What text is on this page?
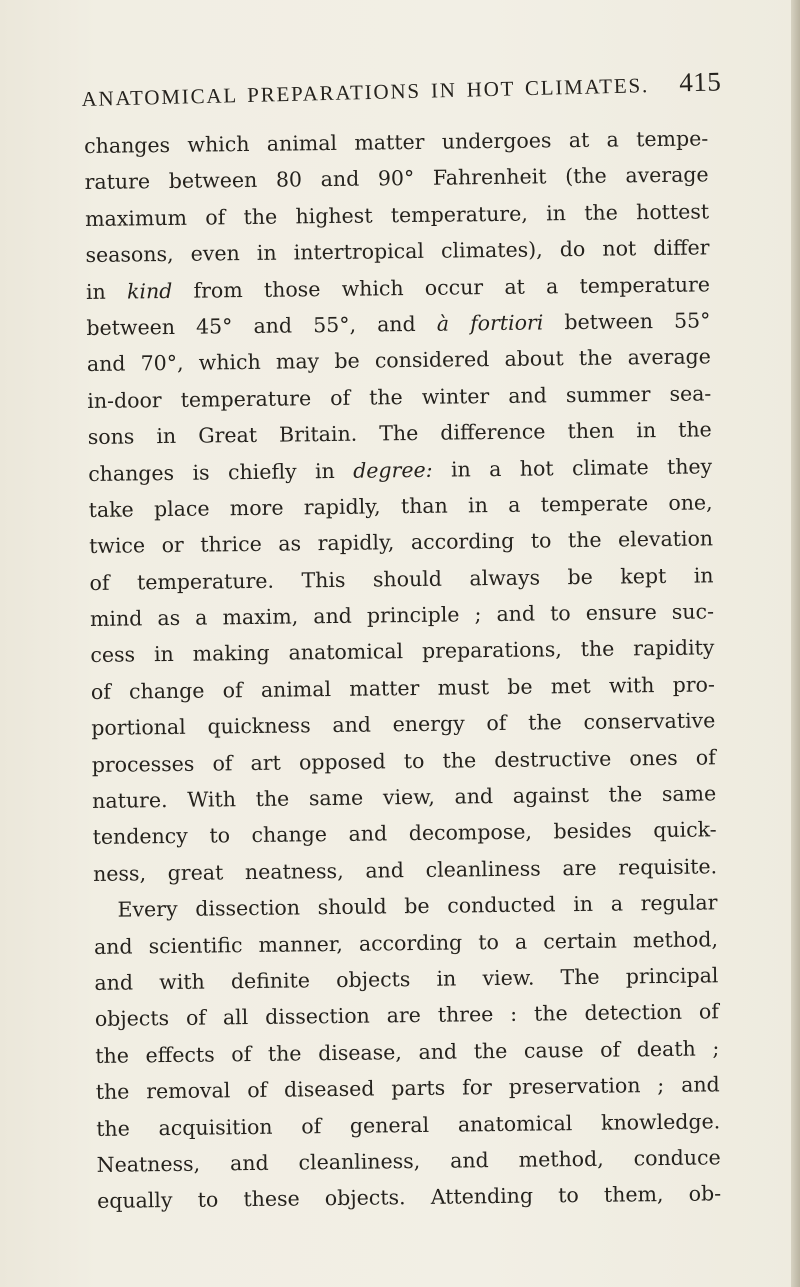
ANATOMICAL PREPARATIONS IN HOT CLIMATES. 415
changes which animal matter undergoes at a tempe-
rature between 80 and 90° Fahrenheit (the average
maximum of the highest temperature, in the hottest
seasons, even in intertropical climates), do not differ
in kind from those which occur at a temperature
between 45° and 55°, and à fortiori between 55°
and 70°, which may be considered about the average
in-door temperature of the winter and summer sea-
sons in Great Britain. The difference then in the
changes is chiefly in degree: in a hot climate they
take place more rapidly, than in a temperate one,
twice or thrice as rapidly, according to the elevation
of temperature. This should always be kept in
mind as a maxim, and principle ; and to ensure suc-
cess in making anatomical preparations, the rapidity
of change of animal matter must be met with pro-
portional quickness and energy of the conservative
processes of art opposed to the destructive ones of
nature. With the same view, and against the same
tendency to change and decompose, besides quick-
ness, great neatness, and cleanliness are requisite.
Every dissection should be conducted in a regular
and scientific manner, according to a certain method,
and with definite objects in view. The principal
objects of all dissection are three : the detection of
the effects of the disease, and the cause of death ;
the removal of diseased parts for preservation ; and
the acquisition of general anatomical knowledge.
Neatness, and cleanliness, and method, conduce
equally to these objects. Attending to them, ob-
